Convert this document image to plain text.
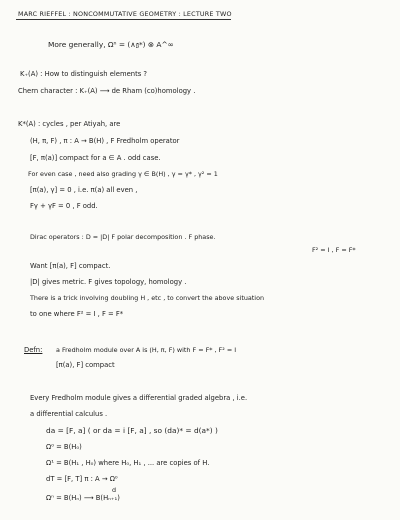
MARC RIEFFEL : NONCOMMUTATIVE GEOMETRY : LECTURE TWO
More generally, Ωⁿ = (∧𝔤*) ⊗ A^∞
K₊(A) : How to distinguish elements ?
Chern character : K₊(A) ⟶ de Rham (co)homology .
K*(A) : cycles , per Atiyah, are
(H, π, F) , π : A → B(H) , F Fredholm operator
[F, π(a)] compact for a ∈ A . odd case.
For even case , need also grading γ ∈ B(H) , γ = γ* , γ² = 1
[π(a), γ] = 0 , i.e. π(a) all even ,
Fγ + γF = 0 , F odd.
Dirac operators : D = |D| F polar decomposition . F phase.
F² = I , F = F*
Want [π(a), F] compact.
|D| gives metric. F gives topology, homology .
There is a trick involving doubling H , etc , to convert the above situation
to one where F² = I , F = F*
Defn: a Fredholm module over A is (H, π, F) with F = F* , F² = I
[π(a), F] compact
Every Fredholm module gives a differential graded algebra , i.e.
a differential calculus .
da = [F, a] ( or da = i [F, a] , so (da)* = d(a*) )
Ω⁰ = B(H₀)
Ω¹ = B(H₁ , H₀) where H₀, H₁ , ... are copies of H.
dT = [F, T] π : A → Ω⁰
d
Ωⁿ = B(Hₙ) ⟶ B(Hₙ₊₁)
